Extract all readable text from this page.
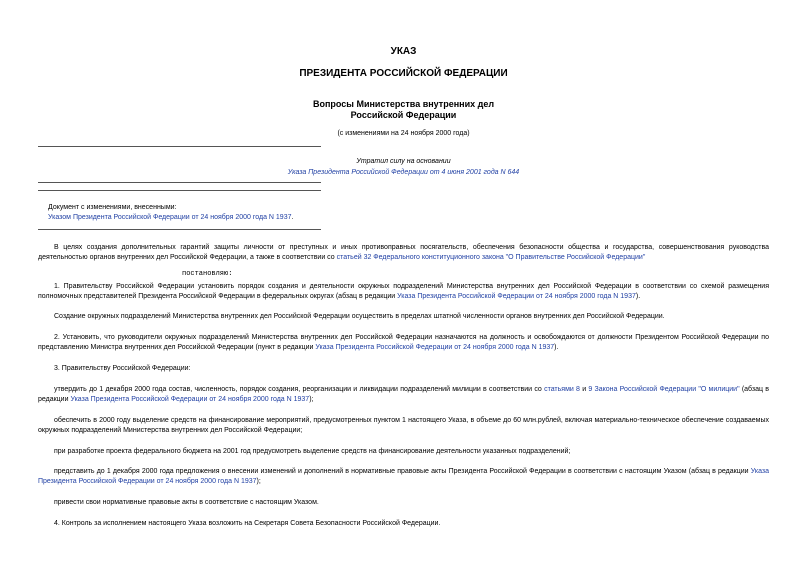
УКАЗ
ПРЕЗИДЕНТА РОССИЙСКОЙ ФЕДЕРАЦИИ
Вопросы Министерства внутренних дел
Российской Федерации
(с изменениями на 24 ноября 2000 года)
Утратил силу на основании
Указа Президента Российской Федерации от 4 июня 2001 года N 644
Документ с изменениями, внесенными:
Указом Президента Российской Федерации от 24 ноября 2000 года N 1937.
В целях создания дополнительных гарантий защиты личности от преступных и иных противоправных посягательств, обеспечения безопасности общества и государства, совершенствования руководства деятельностью органов внутренних дел Российской Федерации, а также в соответствии со статьей 32 Федерального конституционного закона "О Правительстве Российской Федерации"
постановляю:
1. Правительству Российской Федерации установить порядок создания и деятельности окружных подразделений Министерства внутренних дел Российской Федерации в соответствии со схемой размещения полномочных представителей Президента Российской Федерации в федеральных округах (абзац в редакции Указа Президента Российской Федерации от 24 ноября 2000 года N 1937).
Создание окружных подразделений Министерства внутренних дел Российской Федерации осуществить в пределах штатной численности органов внутренних дел Российской Федерации.
2. Установить, что руководители окружных подразделений Министерства внутренних дел Российской Федерации назначаются на должность и освобождаются от должности Президентом Российской Федерации по представлению Министра внутренних дел Российской Федерации (пункт в редакции Указа Президента Российской Федерации от 24 ноября 2000 года N 1937).
3. Правительству Российской Федерации:
утвердить до 1 декабря 2000 года состав, численность, порядок создания, реорганизации и ликвидации подразделений милиции в соответствии со статьями 8 и 9 Закона Российской Федерации "О милиции" (абзац в редакции Указа Президента Российской Федерации от 24 ноября 2000 года N 1937);
обеспечить в 2000 году выделение средств на финансирование мероприятий, предусмотренных пунктом 1 настоящего Указа, в объеме до 60 млн.рублей, включая материально-техническое обеспечение создаваемых окружных подразделений Министерства внутренних дел Российской Федерации;
при разработке проекта федерального бюджета на 2001 год предусмотреть выделение средств на финансирование деятельности указанных подразделений;
представить до 1 декабря 2000 года предложения о внесении изменений и дополнений в нормативные правовые акты Президента Российской Федерации в соответствии с настоящим Указом (абзац в редакции Указа Президента Российской Федерации от 24 ноября 2000 года N 1937);
привести свои нормативные правовые акты в соответствие с настоящим Указом.
4. Контроль за исполнением настоящего Указа возложить на Секретаря Совета Безопасности Российской Федерации.
